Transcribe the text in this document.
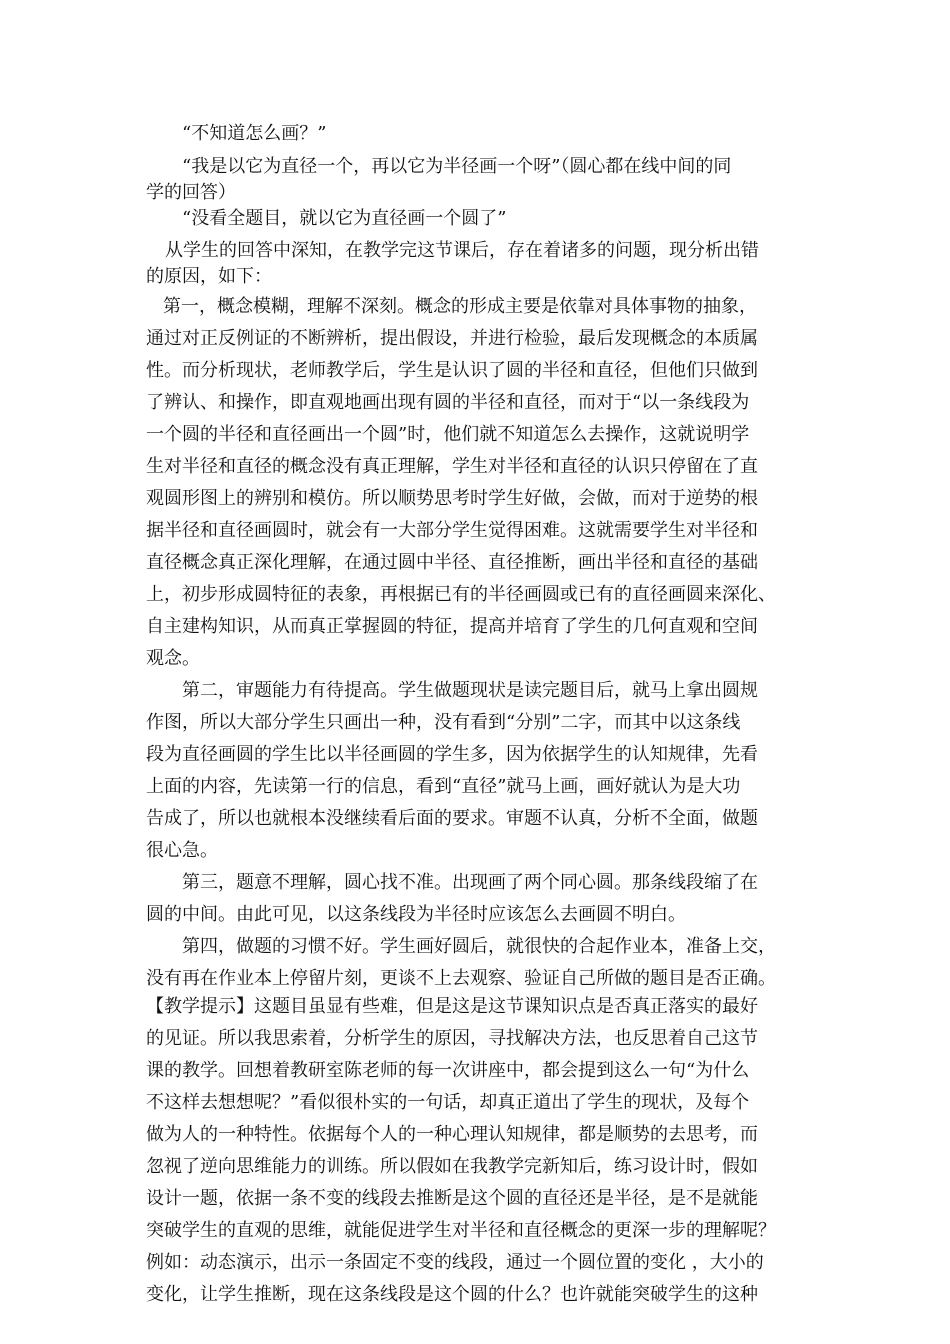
“不知道怎么画？”

“我是以它为直径一个，再以它为半径画一个呀”（圆心都在线中间的同

学的回答）

“没看全题目，就以它为直径画一个圆了”

从学生的回答中深知，在教学完这节课后，存在着诸多的问题，现分析出错

的原因，如下：

第一，概念模糊，理解不深刻。概念的形成主要是依靠对具体事物的抽象，

通过对正反例证的不断辨析，提出假设，并进行检验，最后发现概念的本质属

性。而分析现状，老师教学后，学生是认识了圆的半径和直径，但他们只做到

了辨认、和操作，即直观地画出现有圆的半径和直径，而对于“以一条线段为

一个圆的半径和直径画出一个圆”时，他们就不知道怎么去操作，这就说明学

生对半径和直径的概念没有真正理解，学生对半径和直径的认识只停留在了直

观圆形图上的辨别和模仿。所以顺势思考时学生好做，会做，而对于逆势的根

据半径和直径画圆时，就会有一大部分学生觉得困难。这就需要学生对半径和

直径概念真正深化理解，在通过圆中半径、直径推断，画出半径和直径的基础

上，初步形成圆特征的表象，再根据已有的半径画圆或已有的直径画圆来深化、

自主建构知识，从而真正掌握圆的特征，提高并培育了学生的几何直观和空间

观念。

第二，审题能力有待提高。学生做题现状是读完题目后，就马上拿出圆规

作图，所以大部分学生只画出一种，没有看到“分别”二字，而其中以这条线

段为直径画圆的学生比以半径画圆的学生多，因为依据学生的认知规律，先看

上面的内容，先读第一行的信息，看到“直径”就马上画，画好就认为是大功

告成了，所以也就根本没继续看后面的要求。审题不认真，分析不全面，做题

很心急。

第三，题意不理解，圆心找不准。出现画了两个同心圆。那条线段缩了在

圆的中间。由此可见，以这条线段为半径时应该怎么去画圆不明白。

第四，做题的习惯不好。学生画好圆后，就很快的合起作业本，准备上交，

没有再在作业本上停留片刻，更谈不上去观察、验证自己所做的题目是否正确。

【教学提示】这题目虽显有些难，但是这是这节课知识点是否真正落实的最好

的见证。所以我思索着，分析学生的原因，寻找解决方法，也反思着自己这节

课的教学。回想着教研室陈老师的每一次讲座中，都会提到这么一句“为什么

不这样去想想呢？”看似很朴实的一句话，却真正道出了学生的现状，及每个

做为人的一种特性。依据每个人的一种心理认知规律，都是顺势的去思考，而

忽视了逆向思维能力的训练。所以假如在我教学完新知后，练习设计时，假如

设计一题，依据一条不变的线段去推断是这个圆的直径还是半径，是不是就能

突破学生的直观的思维，就能促进学生对半径和直径概念的更深一步的理解呢？

例如：动态演示，出示一条固定不变的线段，通过一个圆位置的变化 ，大小的

变化，让学生推断，现在这条线段是这个圆的什么？也许就能突破学生的这种
